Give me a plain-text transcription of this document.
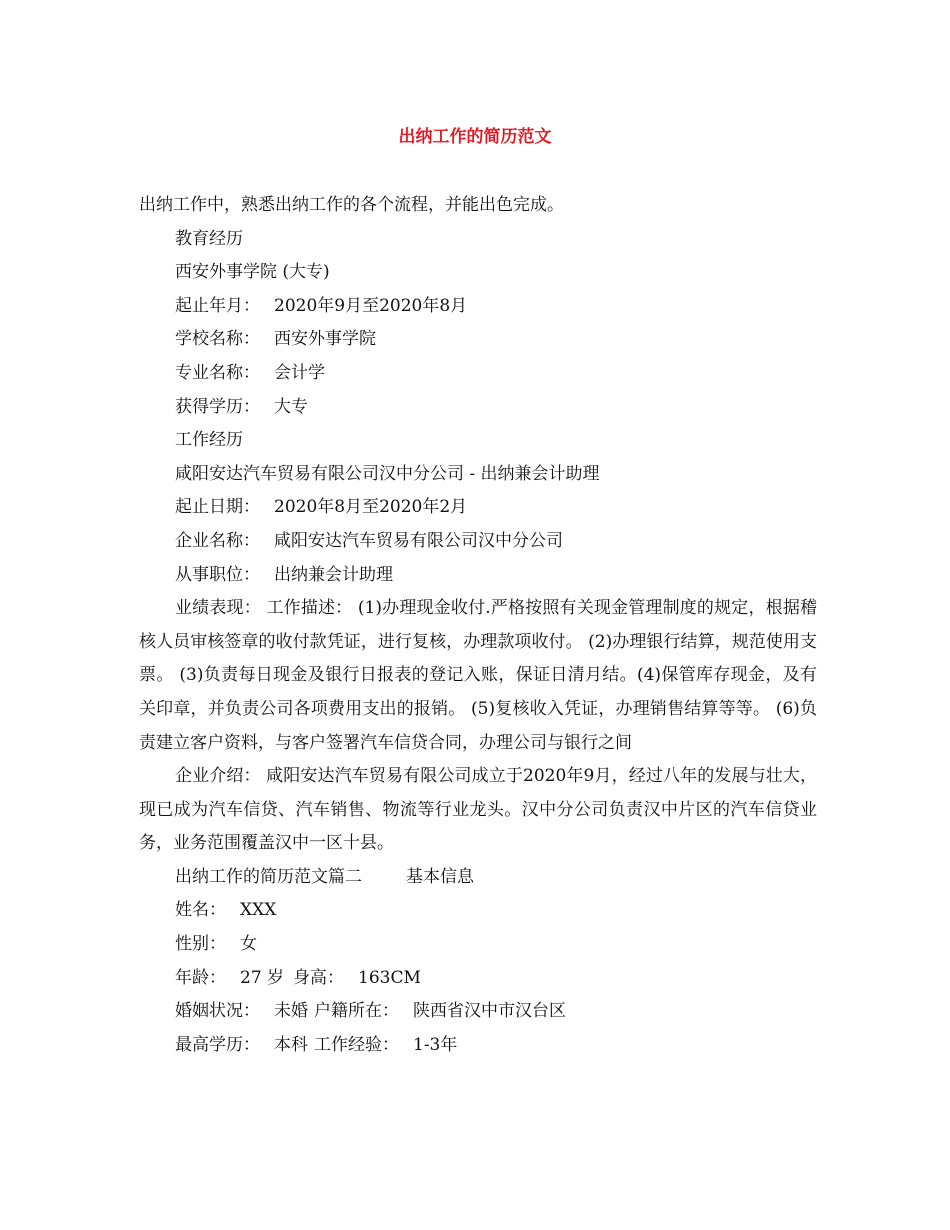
出纳工作的简历范文

出纳工作中，熟悉出纳工作的各个流程，并能出色完成。

教育经历

西安外事学院 (大专)

起止年月： 2020年9月至2020年8月

学校名称： 西安外事学院

专业名称： 会计学

获得学历： 大专

工作经历

咸阳安达汽车贸易有限公司汉中分公司 - 出纳兼会计助理

起止日期： 2020年8月至2020年2月

企业名称： 咸阳安达汽车贸易有限公司汉中分公司

从事职位： 出纳兼会计助理

业绩表现： 工作描述： (1)办理现金收付.严格按照有关现金管理制度的规定，根据稽核人员审核签章的收付款凭证，进行复核，办理款项收付。 (2)办理银行结算，规范使用支票。 (3)负责每日现金及银行日报表的登记入账，保证日清月结。(4)保管库存现金，及有关印章，并负责公司各项费用支出的报销。 (5)复核收入凭证，办理销售结算等等。 (6)负责建立客户资料，与客户签署汽车信贷合同，办理公司与银行之间

企业介绍： 咸阳安达汽车贸易有限公司成立于2020年9月，经过八年的发展与壮大，现已成为汽车信贷、汽车销售、物流等行业龙头。汉中分公司负责汉中片区的汽车信贷业务，业务范围覆盖汉中一区十县。

出纳工作的简历范文篇二	基本信息

姓名： XXX

性别： 女

年龄： 27 岁 身高： 163CM

婚姻状况： 未婚 户籍所在： 陕西省汉中市汉台区

最高学历： 本科 工作经验： 1-3年
